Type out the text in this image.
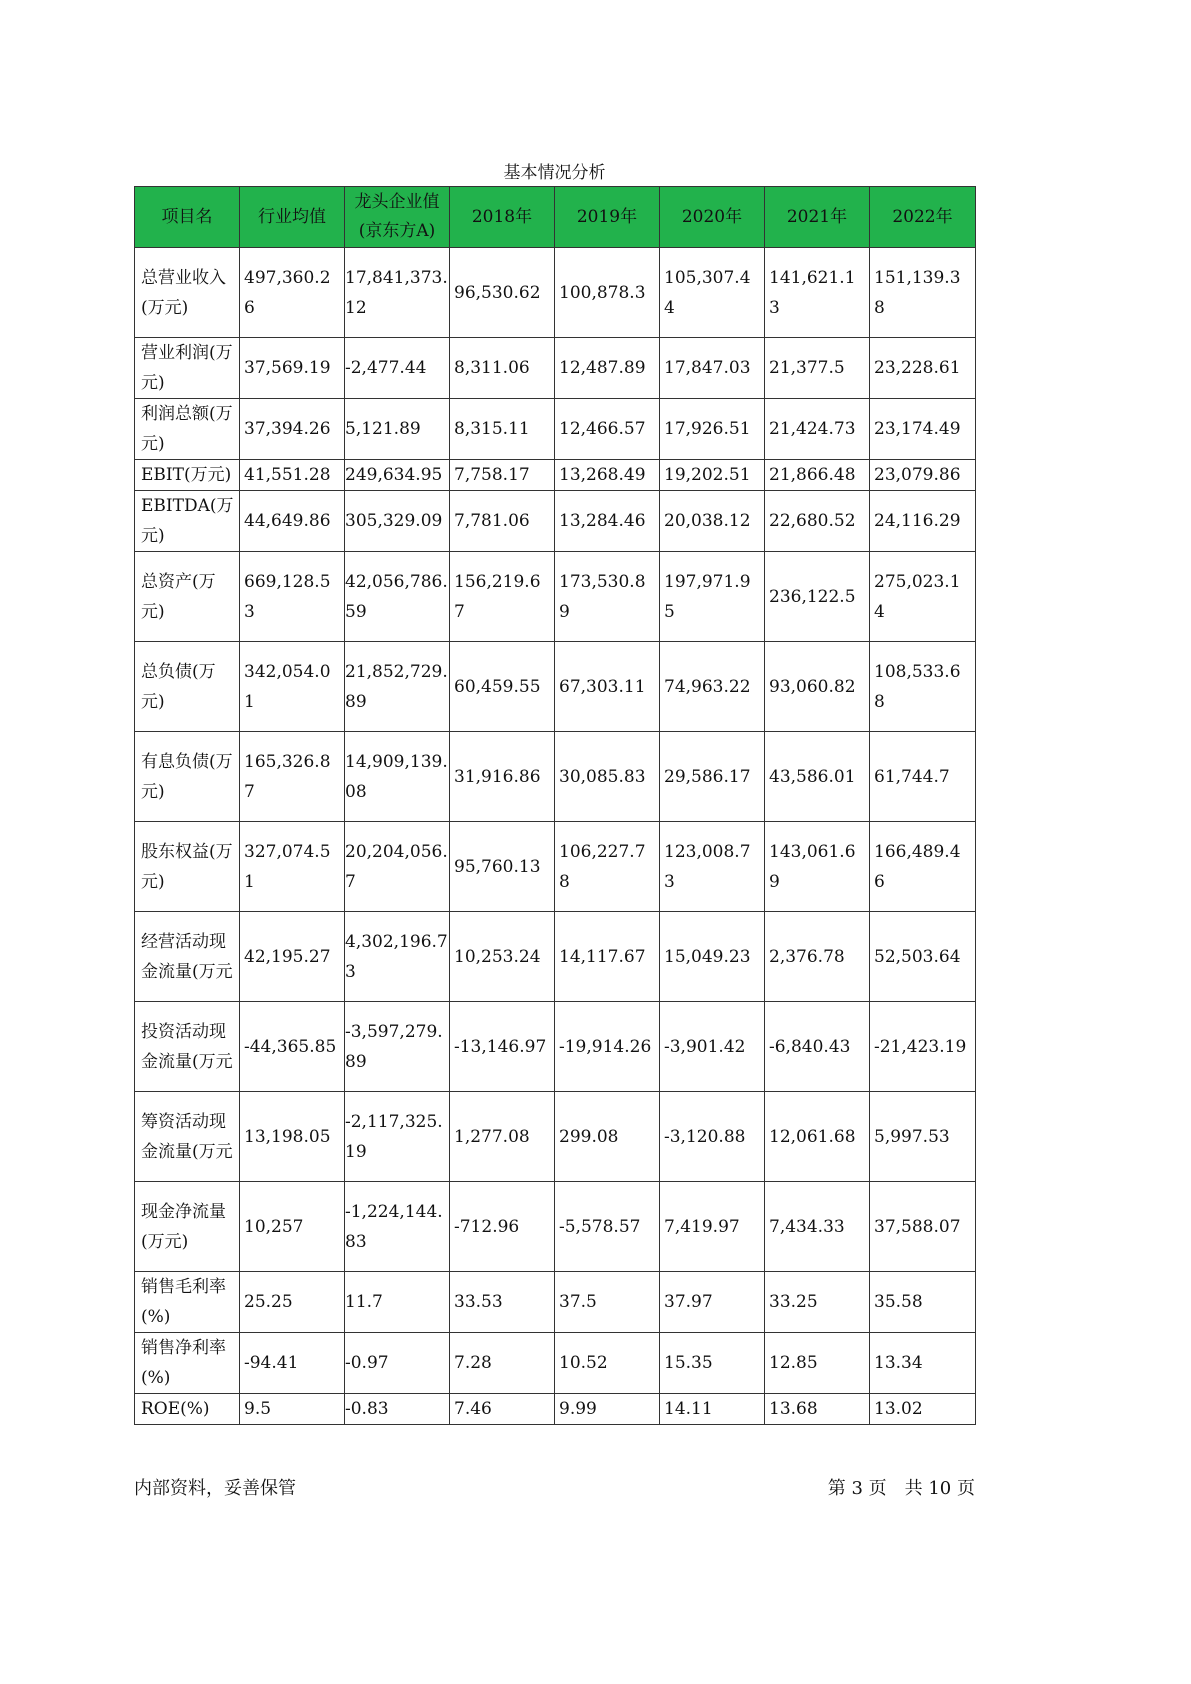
基本情况分析
项目名	行业均值	龙头企业值(京东方A)	2018年	2019年	2020年	2021年	2022年
总营业收入(万元)	497,360.26	17,841,373.12	96,530.62	100,878.3	105,307.44	141,621.13	151,139.38
营业利润(万元)	37,569.19	-2,477.44	8,311.06	12,487.89	17,847.03	21,377.5	23,228.61
利润总额(万元)	37,394.26	5,121.89	8,315.11	12,466.57	17,926.51	21,424.73	23,174.49
EBIT(万元)	41,551.28	249,634.95	7,758.17	13,268.49	19,202.51	21,866.48	23,079.86
EBITDA(万元)	44,649.86	305,329.09	7,781.06	13,284.46	20,038.12	22,680.52	24,116.29
总资产(万元)	669,128.53	42,056,786.59	156,219.67	173,530.89	197,971.95	236,122.5	275,023.14
总负债(万元)	342,054.01	21,852,729.89	60,459.55	67,303.11	74,963.22	93,060.82	108,533.68
有息负债(万元)	165,326.87	14,909,139.08	31,916.86	30,085.83	29,586.17	43,586.01	61,744.7
股东权益(万元)	327,074.51	20,204,056.7	95,760.13	106,227.78	123,008.73	143,061.69	166,489.46
经营活动现金流量(万元	42,195.27	4,302,196.73	10,253.24	14,117.67	15,049.23	2,376.78	52,503.64
投资活动现金流量(万元	-44,365.85	-3,597,279.89	-13,146.97	-19,914.26	-3,901.42	-6,840.43	-21,423.19
筹资活动现金流量(万元	13,198.05	-2,117,325.19	1,277.08	299.08	-3,120.88	12,061.68	5,997.53
现金净流量(万元)	10,257	-1,224,144.83	-712.96	-5,578.57	7,419.97	7,434.33	37,588.07
销售毛利率(%)	25.25	11.7	33.53	37.5	37.97	33.25	35.58
销售净利率(%)	-94.41	-0.97	7.28	10.52	15.35	12.85	13.34
ROE(%)	9.5	-0.83	7.46	9.99	14.11	13.68	13.02
内部资料，妥善保管	第 3 页　共 10 页
